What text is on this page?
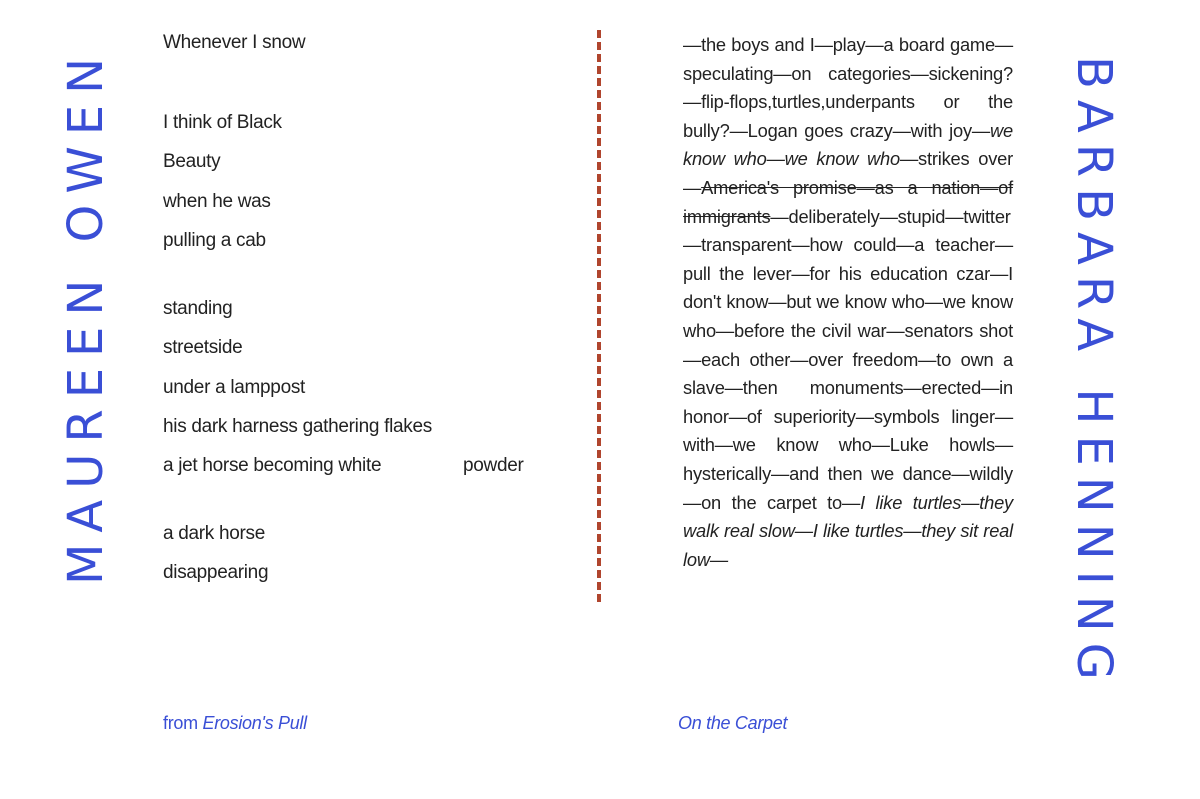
MAUREEN OWEN
Whenever I snow
I think of Black
Beauty
when he was
pulling a cab
standing
streetside
under a lamppost
his dark harness gathering flakes
a jet horse becoming white	powder
a dark horse
disappearing
—the boys and I—play—a board game—speculating—on categories—sickening?—flip-flops,turtles,underpants or the bully?—Logan goes crazy—with joy—we know who—we know who—strikes over—America's promise—as a nation—of immigrants—deliberately—stupid—twitter—transparent—how could—a teacher—pull the lever—for his education czar—I don't know—but we know who—we know who—before the civil war—senators shot—each other—over freedom—to own a slave—then monuments—erected—in honor—of superiority—symbols linger—with—we know who—Luke howls—hysterically—and then we dance—wildly—on the carpet to—I like turtles—they walk real slow—I like turtles—they sit real low—	BARBARA HENNING
from Erosion's Pull	On the Carpet
